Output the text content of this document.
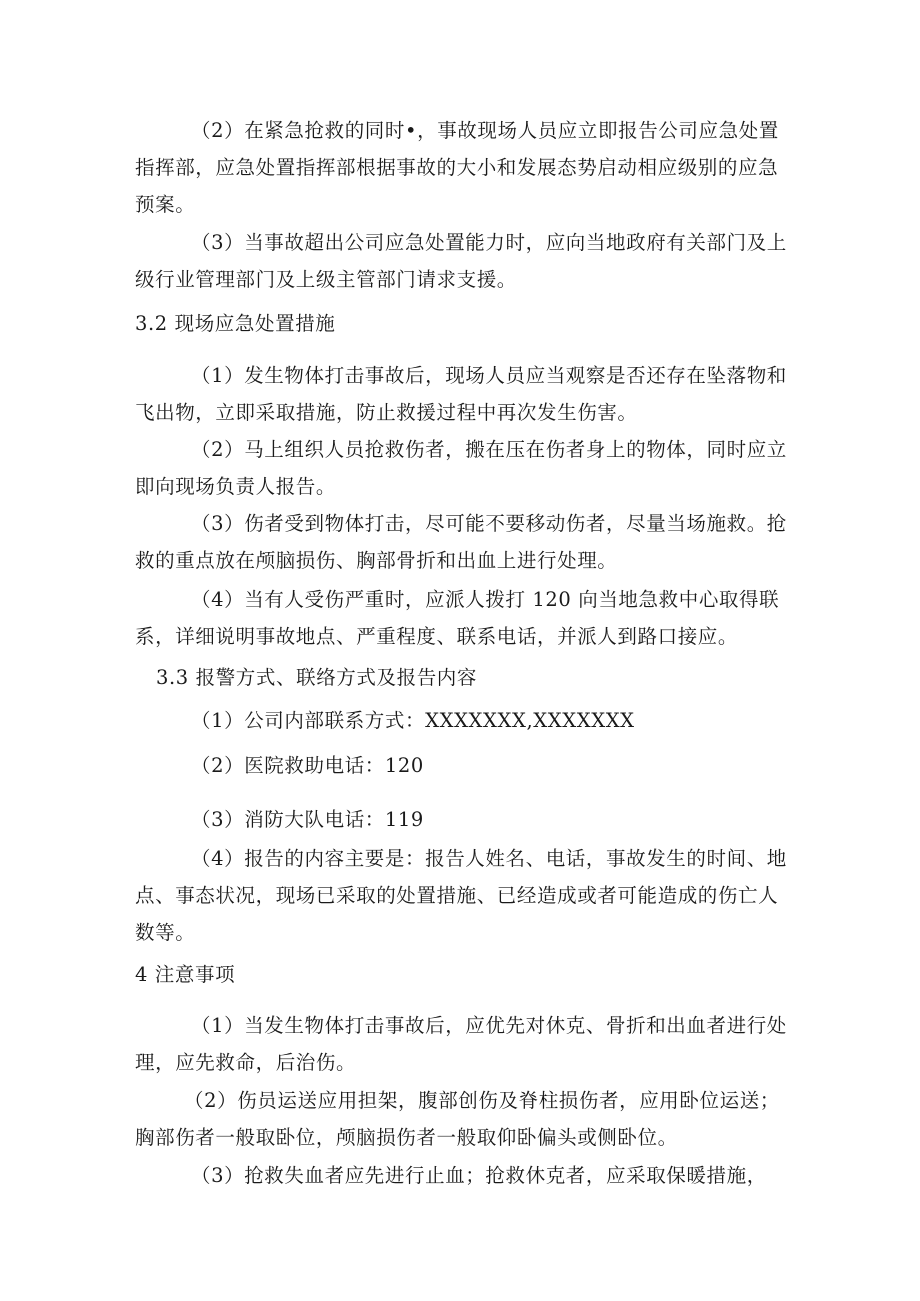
（2）在紧急抢救的同时•，事故现场人员应立即报告公司应急处置
指挥部，应急处置指挥部根据事故的大小和发展态势启动相应级别的应急
预案。
（3）当事故超出公司应急处置能力时，应向当地政府有关部门及上
级行业管理部门及上级主管部门请求支援。
3.2 现场应急处置措施
（1）发生物体打击事故后，现场人员应当观察是否还存在坠落物和
飞出物，立即采取措施，防止救援过程中再次发生伤害。
（2）马上组织人员抢救伤者，搬在压在伤者身上的物体，同时应立
即向现场负责人报告。
（3）伤者受到物体打击，尽可能不要移动伤者，尽量当场施救。抢
救的重点放在颅脑损伤、胸部骨折和出血上进行处理。
（4）当有人受伤严重时，应派人拨打 120 向当地急救中心取得联
系，详细说明事故地点、严重程度、联系电话，并派人到路口接应。
3.3 报警方式、联络方式及报告内容
（1）公司内部联系方式：XXXXXXX,XXXXXXX
（2）医院救助电话：120
（3）消防大队电话：119
（4）报告的内容主要是：报告人姓名、电话，事故发生的时间、地
点、事态状况，现场已采取的处置措施、已经造成或者可能造成的伤亡人
数等。
4 注意事项
（1）当发生物体打击事故后，应优先对休克、骨折和出血者进行处
理，应先救命，后治伤。
（2）伤员运送应用担架，腹部创伤及脊柱损伤者，应用卧位运送；
胸部伤者一般取卧位，颅脑损伤者一般取仰卧偏头或侧卧位。
（3）抢救失血者应先进行止血；抢救休克者，应采取保暖措施，
